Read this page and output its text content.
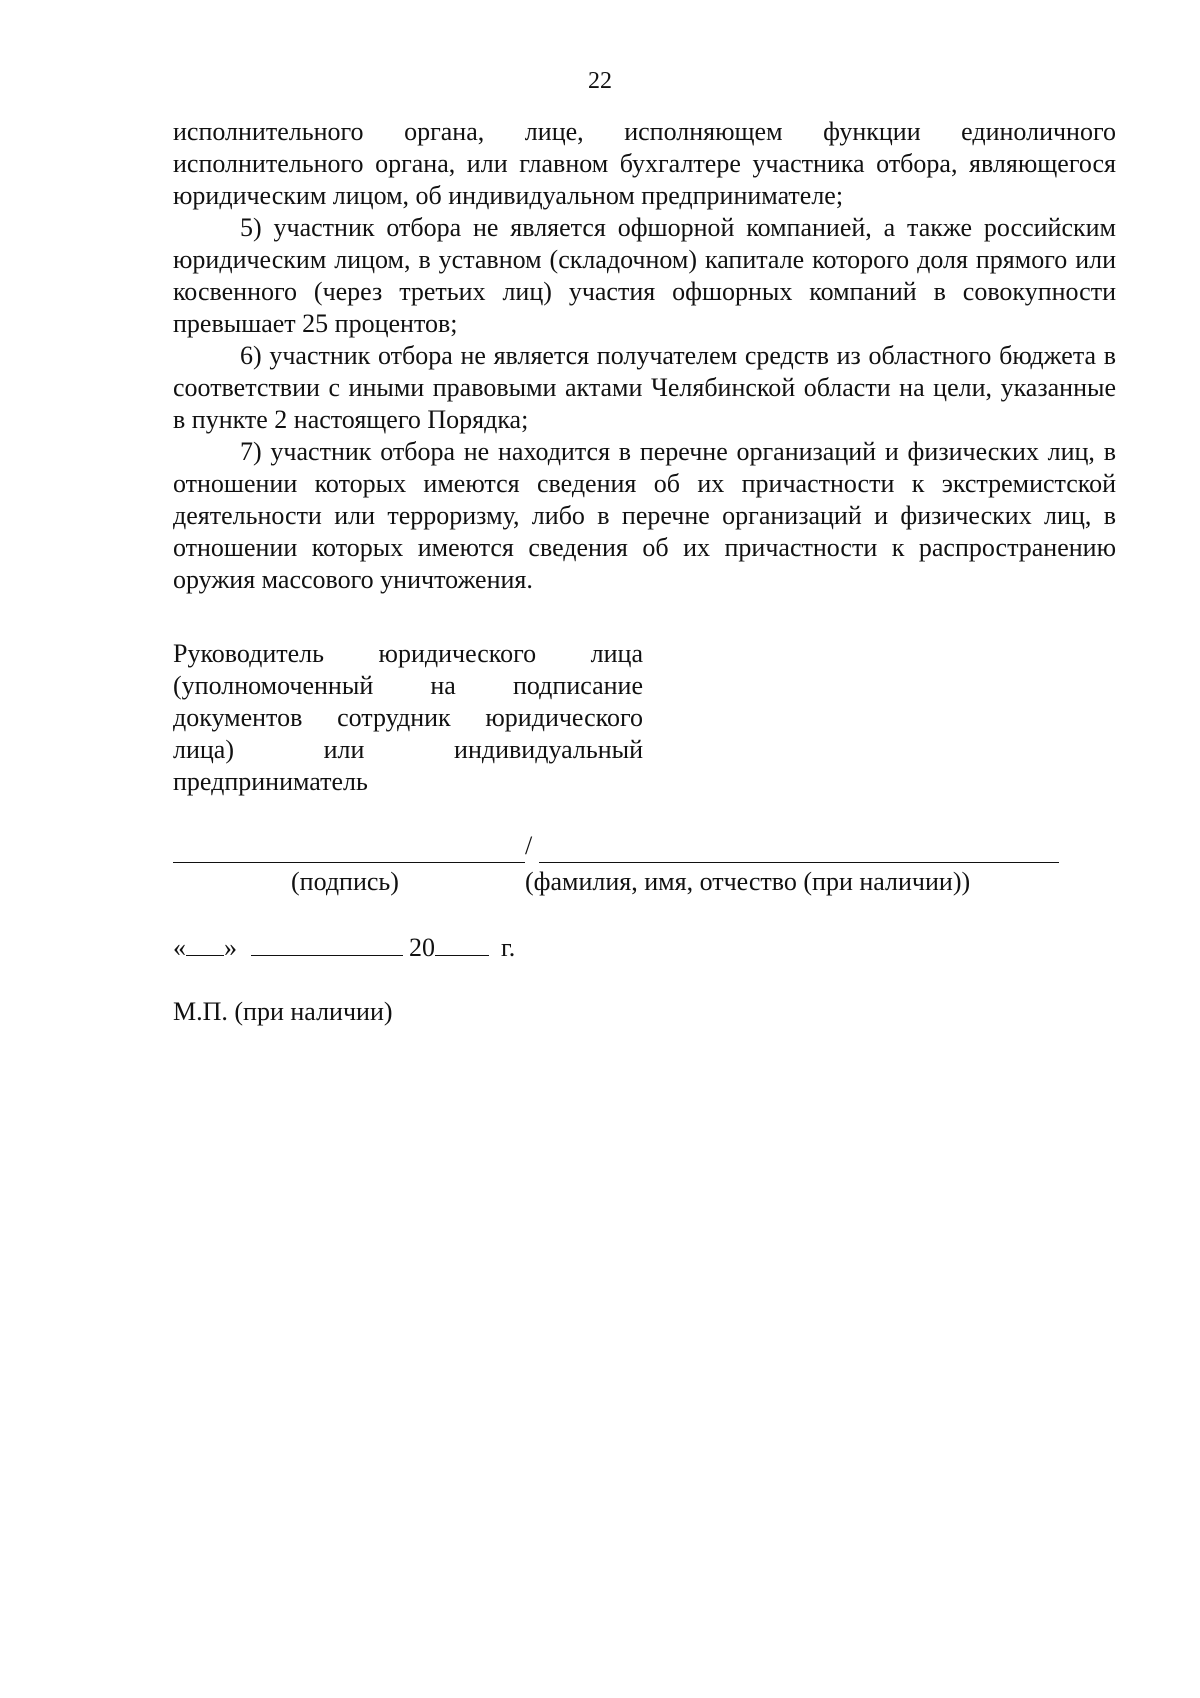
22

исполнительного органа, лице, исполняющем функции единоличного исполнительного органа, или главном бухгалтере участника отбора, являющегося юридическим лицом, об индивидуальном предпринимателе;

5) участник отбора не является офшорной компанией, а также российским юридическим лицом, в уставном (складочном) капитале которого доля прямого или косвенного (через третьих лиц) участия офшорных компаний в совокупности превышает 25 процентов;

6) участник отбора не является получателем средств из областного бюджета в соответствии с иными правовыми актами Челябинской области на цели, указанные в пункте 2 настоящего Порядка;

7) участник отбора не находится в перечне организаций и физических лиц, в отношении которых имеются сведения об их причастности к экстремистской деятельности или терроризму, либо в перечне организаций и физических лиц, в отношении которых имеются сведения об их причастности к распространению оружия массового уничтожения.

Руководитель юридического лица (уполномоченный на подписание документов сотрудник юридического лица) или индивидуальный предприниматель

/
(подпись)	(фамилия, имя, отчество (при наличии))
« »	20	г.
М.П. (при наличии)
